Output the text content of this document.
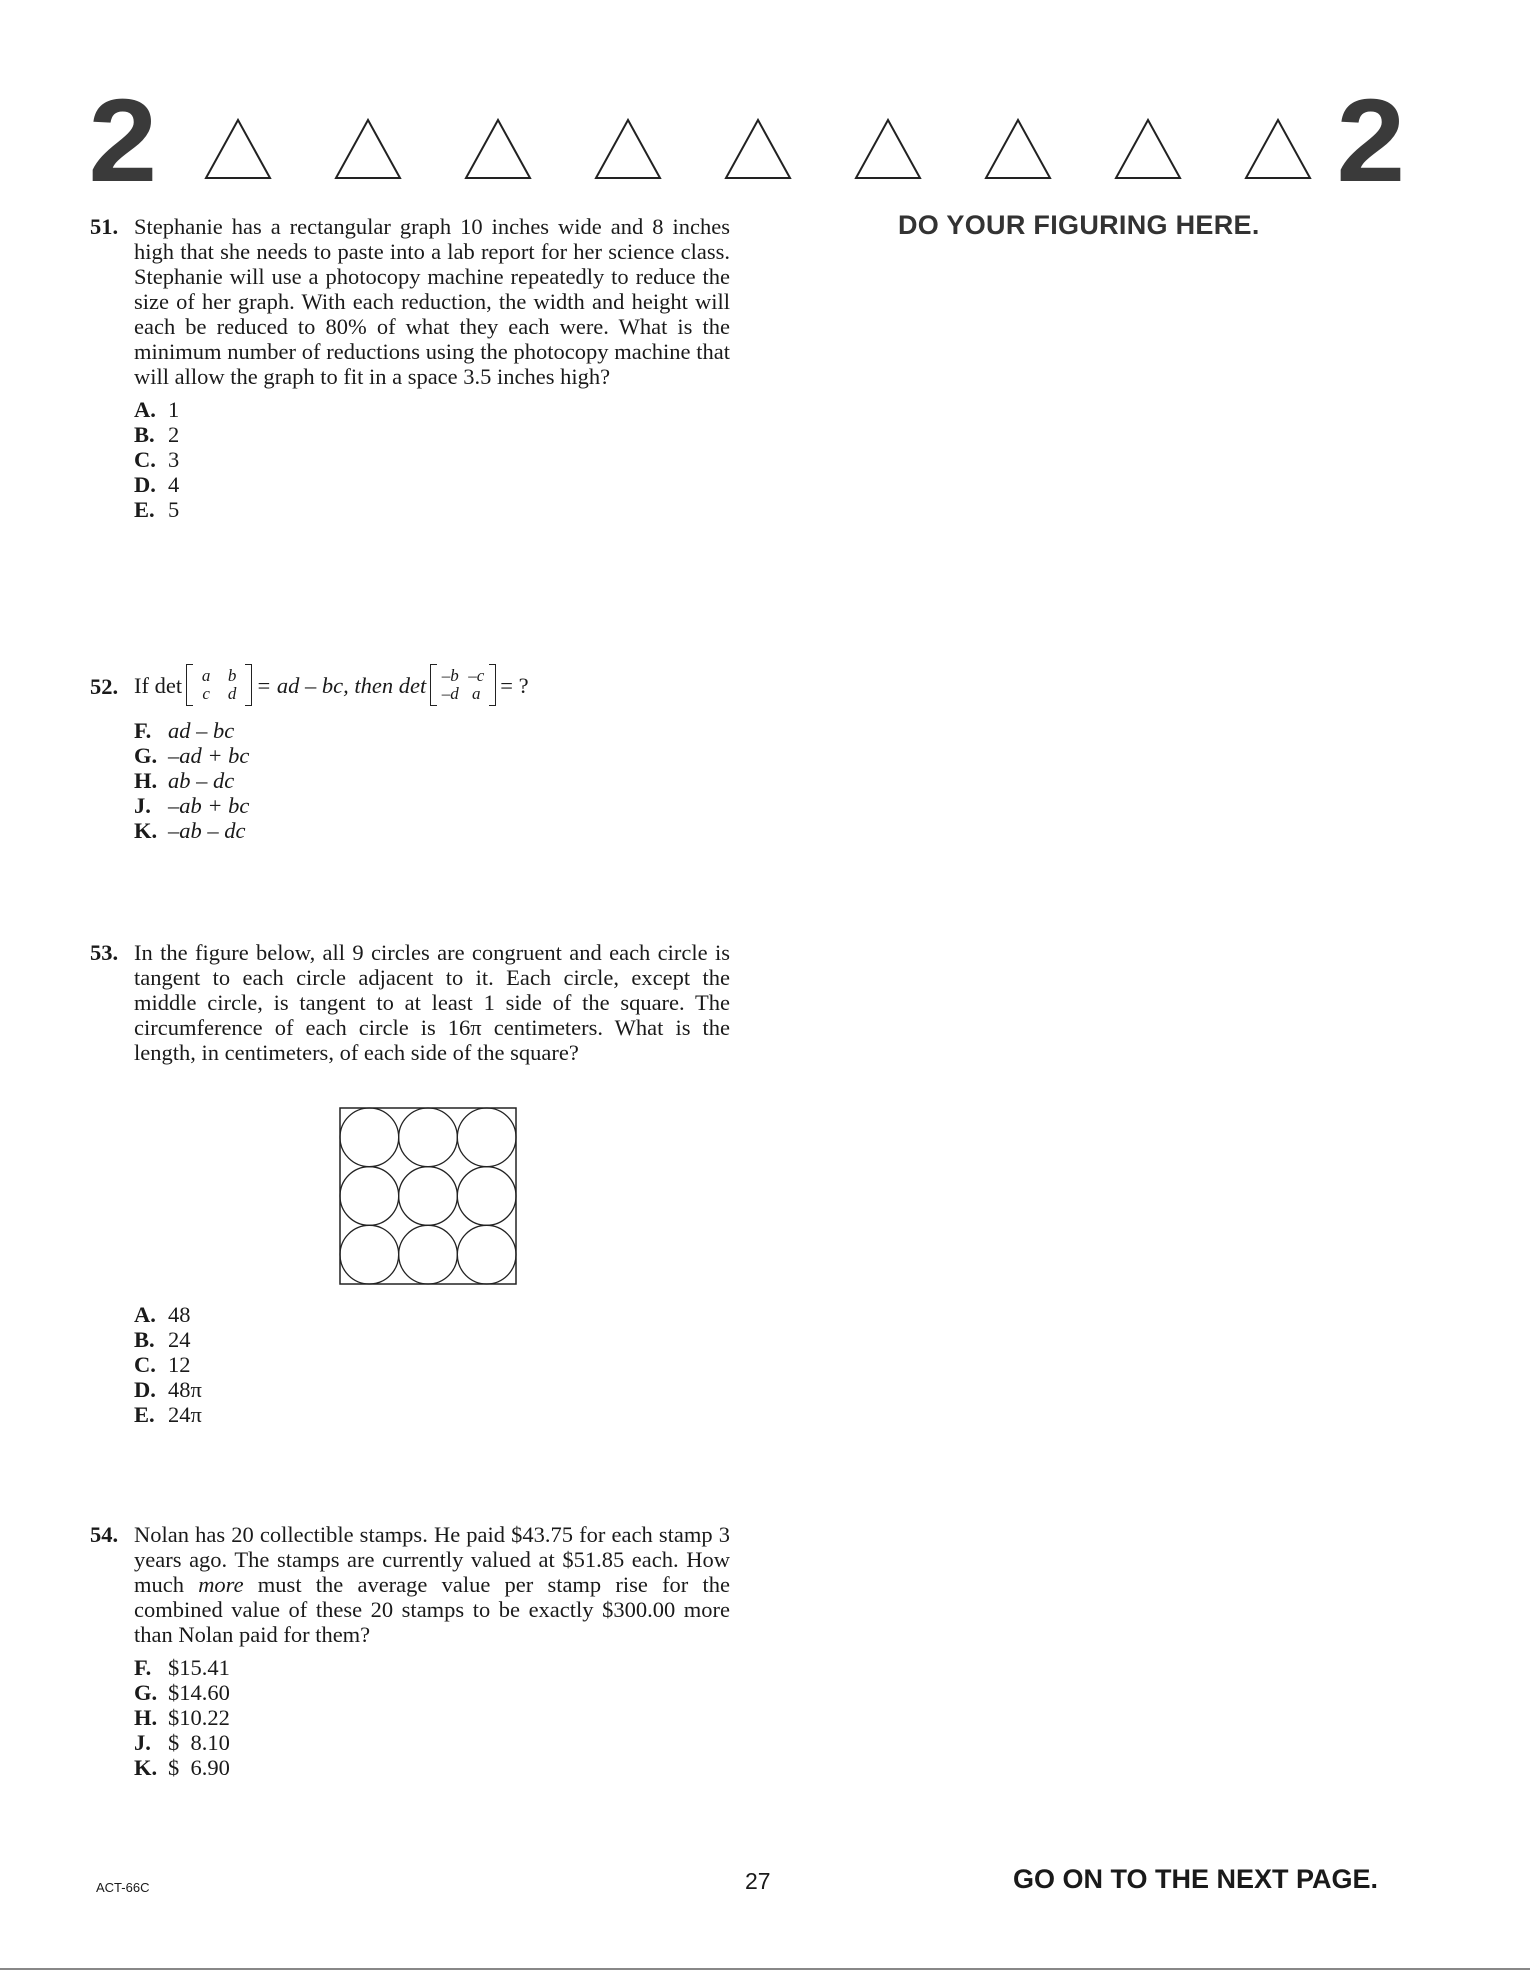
2	2
DO YOUR FIGURING HERE.
51. Stephanie has a rectangular graph 10 inches wide and 8 inches high that she needs to paste into a lab report for her science class. Stephanie will use a photocopy machine repeatedly to reduce the size of her graph. With each reduction, the width and height will each be reduced to 80% of what they each were. What is the minimum number of reductions using the photocopy machine that will allow the graph to fit in a space 3.5 inches high?
A. 1
B. 2
C. 3
D. 4
E. 5
52. If det	a	b
c	d = ad – bc, then det –b –c
–d a = ?
F. ad – bc
G. –ad + bc
H. ab – dc
J. –ab + bc
K. –ab – dc
53. In the figure below, all 9 circles are congruent and each circle is tangent to each circle adjacent to it. Each circle, except the middle circle, is tangent to at least 1 side of the square. The circumference of each circle is 16π centimeters. What is the length, in centimeters, of each side of the square?
A. 48
B. 24
C. 12
D. 48π
E. 24π
54. Nolan has 20 collectible stamps. He paid $43.75 for each stamp 3 years ago. The stamps are currently valued at $51.85 each. How much more must the average value per stamp rise for the combined value of these 20 stamps to be exactly $300.00 more than Nolan paid for them?
F. $15.41
G. $14.60
H. $10.22
J. $  8.10
K. $  6.90
ACT-66C	27	GO ON TO THE NEXT PAGE.
